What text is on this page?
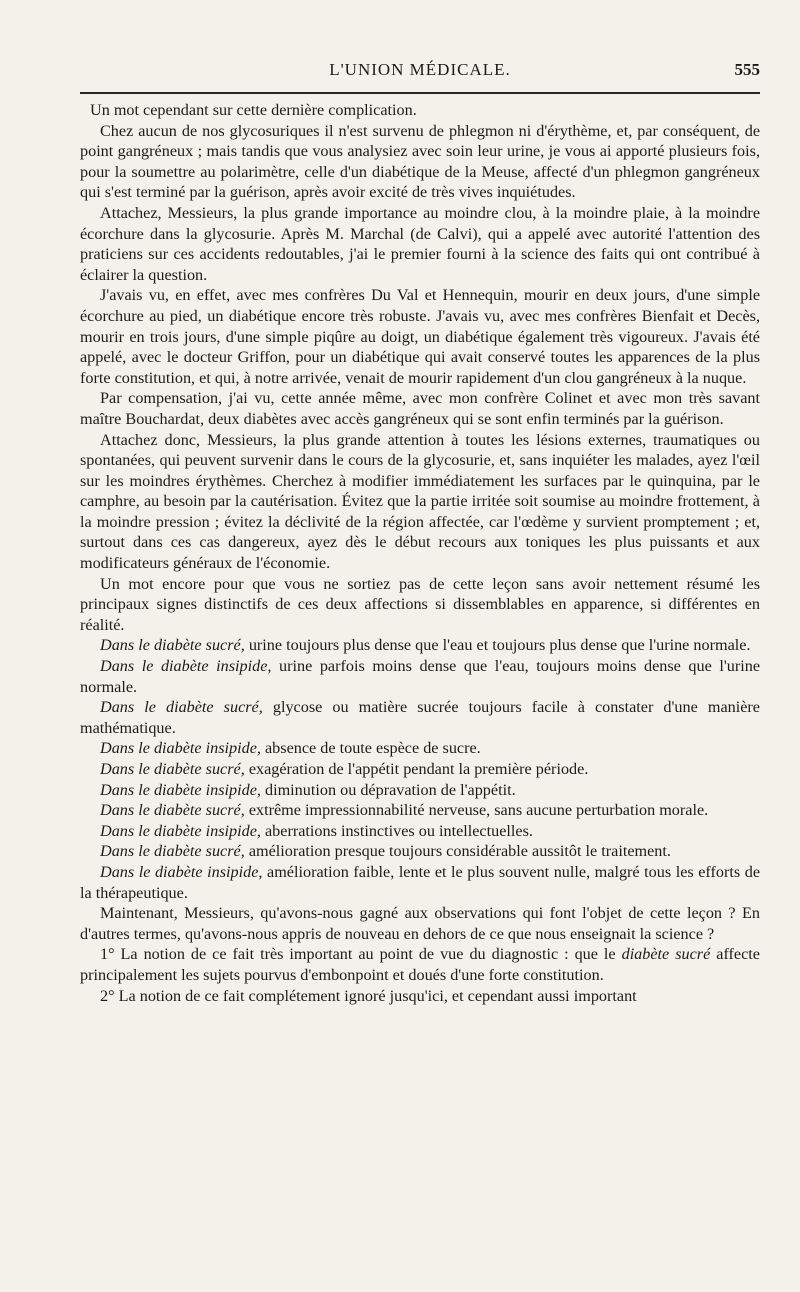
L'UNION MÉDICALE.	555

Un mot cependant sur cette dernière complication.

Chez aucun de nos glycosuriques il n'est survenu de phlegmon ni d'érythème, et, par conséquent, de point gangréneux ; mais tandis que vous analysiez avec soin leur urine, je vous ai apporté plusieurs fois, pour la soumettre au polarimètre, celle d'un diabétique de la Meuse, affecté d'un phlegmon gangréneux qui s'est terminé par la guérison, après avoir excité de très vives inquiétudes.

Attachez, Messieurs, la plus grande importance au moindre clou, à la moindre plaie, à la moindre écorchure dans la glycosurie. Après M. Marchal (de Calvi), qui a appelé avec autorité l'attention des praticiens sur ces accidents redoutables, j'ai le premier fourni à la science des faits qui ont contribué à éclairer la question.

J'avais vu, en effet, avec mes confrères Du Val et Hennequin, mourir en deux jours, d'une simple écorchure au pied, un diabétique encore très robuste. J'avais vu, avec mes confrères Bienfait et Decès, mourir en trois jours, d'une simple piqûre au doigt, un diabétique également très vigoureux. J'avais été appelé, avec le docteur Griffon, pour un diabétique qui avait conservé toutes les apparences de la plus forte constitution, et qui, à notre arrivée, venait de mourir rapidement d'un clou gangréneux à la nuque.

Par compensation, j'ai vu, cette année même, avec mon confrère Colinet et avec mon très savant maître Bouchardat, deux diabètes avec accès gangréneux qui se sont enfin terminés par la guérison.

Attachez donc, Messieurs, la plus grande attention à toutes les lésions externes, traumatiques ou spontanées, qui peuvent survenir dans le cours de la glycosurie, et, sans inquiéter les malades, ayez l'œil sur les moindres érythèmes. Cherchez à modifier immédiatement les surfaces par le quinquina, par le camphre, au besoin par la cautérisation. Évitez que la partie irritée soit soumise au moindre frottement, à la moindre pression ; évitez la déclivité de la région affectée, car l'œdème y survient promptement ; et, surtout dans ces cas dangereux, ayez dès le début recours aux toniques les plus puissants et aux modificateurs généraux de l'économie.

Un mot encore pour que vous ne sortiez pas de cette leçon sans avoir nettement résumé les principaux signes distinctifs de ces deux affections si dissemblables en apparence, si différentes en réalité.

Dans le diabète sucré, urine toujours plus dense que l'eau et toujours plus dense que l'urine normale.

Dans le diabète insipide, urine parfois moins dense que l'eau, toujours moins dense que l'urine normale.

Dans le diabète sucré, glycose ou matière sucrée toujours facile à constater d'une manière mathématique.

Dans le diabète insipide, absence de toute espèce de sucre.

Dans le diabète sucré, exagération de l'appétit pendant la première période.

Dans le diabète insipide, diminution ou dépravation de l'appétit.

Dans le diabète sucré, extrême impressionnabilité nerveuse, sans aucune perturbation morale.

Dans le diabète insipide, aberrations instinctives ou intellectuelles.

Dans le diabète sucré, amélioration presque toujours considérable aussitôt le traitement.

Dans le diabète insipide, amélioration faible, lente et le plus souvent nulle, malgré tous les efforts de la thérapeutique.

Maintenant, Messieurs, qu'avons-nous gagné aux observations qui font l'objet de cette leçon ? En d'autres termes, qu'avons-nous appris de nouveau en dehors de ce que nous enseignait la science ?

1° La notion de ce fait très important au point de vue du diagnostic : que le diabète sucré affecte principalement les sujets pourvus d'embonpoint et doués d'une forte constitution.

2° La notion de ce fait complétement ignoré jusqu'ici, et cependant aussi important
